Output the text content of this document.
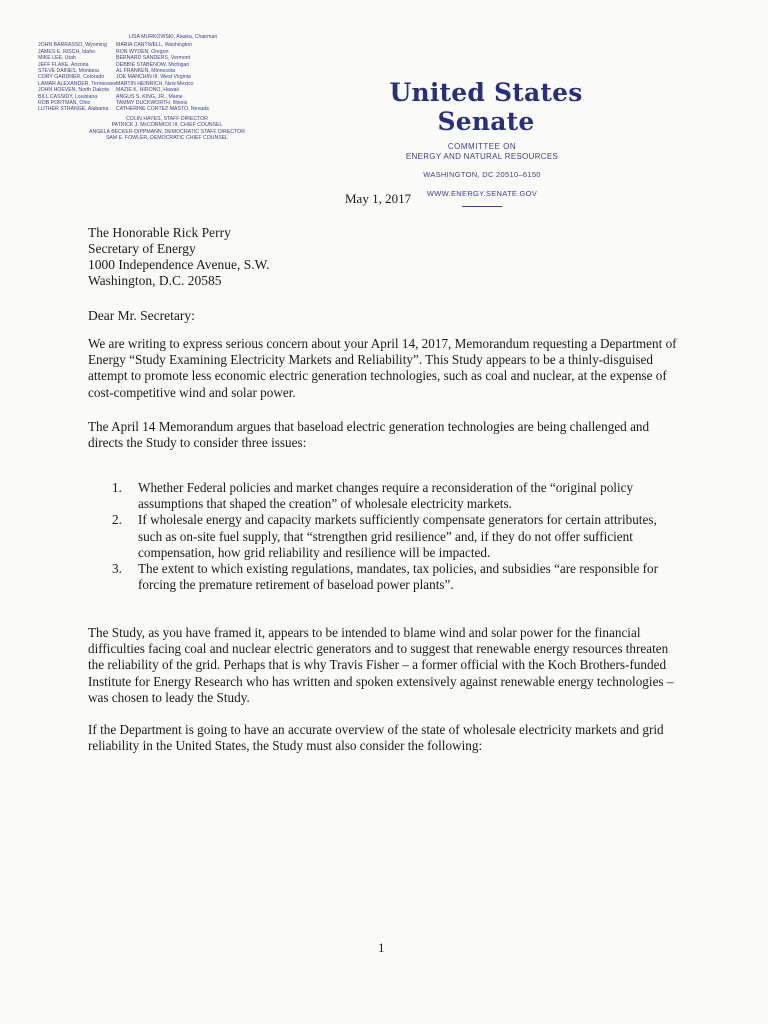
LISA MURKOWSKI, Alaska, Chairman
JOHN BARRASSO, Wyoming
JAMES E. RISCH, Idaho
MIKE LEE, Utah
JEFF FLAKE, Arizona
STEVE DAINES, Montana
CORY GARDNER, Colorado
LAMAR ALEXANDER, Tennessee
JOHN HOEVEN, North Dakota
BILL CASSIDY, Louisiana
ROB PORTMAN, Ohio
LUTHER STRANGE, Alabama
MARIA CANTWELL, Washington
RON WYDEN, Oregon
BERNARD SANDERS, Vermont
DEBBIE STABENOW, Michigan
AL FRANKEN, Minnesota
JOE MANCHIN III, West Virginia
MARTIN HEINRICH, New Mexico
MAZIE K. HIRONO, Hawaii
ANGUS S. KING, JR., Maine
TAMMY DUCKWORTH, Illinois
CATHERINE CORTEZ MASTO, Nevada
COLIN HAYES, STAFF DIRECTOR
PATRICK J. McCORMICK III, CHIEF COUNSEL
ANGELA BECKER-DIPPMANN, DEMOCRATIC STAFF DIRECTOR
SAM E. FOWLER, DEMOCRATIC CHIEF COUNSEL
United States Senate
COMMITTEE ON
ENERGY AND NATURAL RESOURCES
WASHINGTON, DC 20510–6150
WWW.ENERGY.SENATE.GOV
May 1, 2017
The Honorable Rick Perry
Secretary of Energy
1000 Independence Avenue, S.W.
Washington, D.C. 20585
Dear Mr. Secretary:
We are writing to express serious concern about your April 14, 2017, Memorandum requesting a Department of Energy “Study Examining Electricity Markets and Reliability”. This Study appears to be a thinly-disguised attempt to promote less economic electric generation technologies, such as coal and nuclear, at the expense of cost-competitive wind and solar power.
The April 14 Memorandum argues that baseload electric generation technologies are being challenged and directs the Study to consider three issues:
1.	Whether Federal policies and market changes require a reconsideration of the “original policy assumptions that shaped the creation” of wholesale electricity markets.
2.	If wholesale energy and capacity markets sufficiently compensate generators for certain attributes, such as on-site fuel supply, that “strengthen grid resilience” and, if they do not offer sufficient compensation, how grid reliability and resilience will be impacted.
3.	The extent to which existing regulations, mandates, tax policies, and subsidies “are responsible for forcing the premature retirement of baseload power plants”.
The Study, as you have framed it, appears to be intended to blame wind and solar power for the financial difficulties facing coal and nuclear electric generators and to suggest that renewable energy resources threaten the reliability of the grid. Perhaps that is why Travis Fisher – a former official with the Koch Brothers-funded Institute for Energy Research who has written and spoken extensively against renewable energy technologies – was chosen to leady the Study.
If the Department is going to have an accurate overview of the state of wholesale electricity markets and grid reliability in the United States, the Study must also consider the following:
1
